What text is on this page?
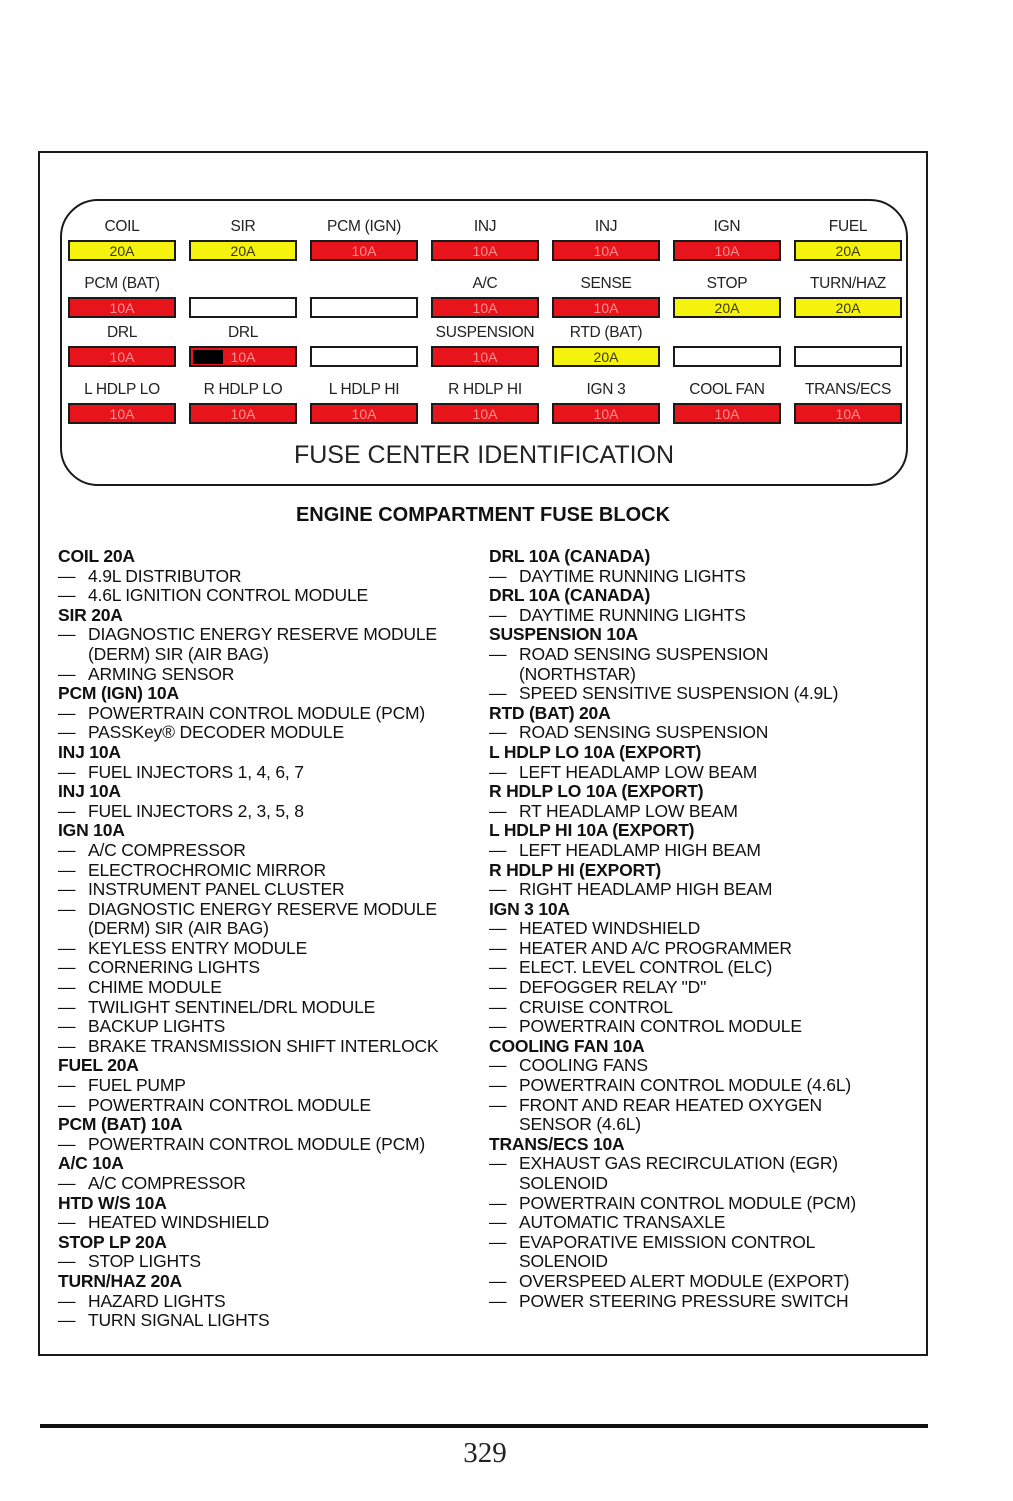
COIL
20A
SIR
20A
PCM (IGN)
10A
INJ
10A
INJ
10A
IGN
10A
FUEL
20A
PCM (BAT)
10A
A/C
10A
SENSE
10A
STOP
20A
TURN/HAZ
20A
DRL
10A
DRL
10A
SUSPENSION
10A
RTD (BAT)
20A
L HDLP LO
10A
R HDLP LO
10A
L HDLP HI
10A
R HDLP HI
10A
IGN 3
10A
COOL FAN
10A
TRANS/ECS
10A
FUSE CENTER IDENTIFICATION
ENGINE COMPARTMENT FUSE BLOCK
COIL 20A
— 4.9L DISTRIBUTOR
— 4.6L IGNITION CONTROL MODULE
SIR 20A
— DIAGNOSTIC ENERGY RESERVE MODULE
(DERM) SIR (AIR BAG)
— ARMING SENSOR
PCM (IGN) 10A
— POWERTRAIN CONTROL MODULE (PCM)
— PASSKey® DECODER MODULE
INJ 10A
— FUEL INJECTORS 1, 4, 6, 7
INJ 10A
— FUEL INJECTORS 2, 3, 5, 8
IGN 10A
— A/C COMPRESSOR
— ELECTROCHROMIC MIRROR
— INSTRUMENT PANEL CLUSTER
— DIAGNOSTIC ENERGY RESERVE MODULE
(DERM) SIR (AIR BAG)
— KEYLESS ENTRY MODULE
— CORNERING LIGHTS
— CHIME MODULE
— TWILIGHT SENTINEL/DRL MODULE
— BACKUP LIGHTS
— BRAKE TRANSMISSION SHIFT INTERLOCK
FUEL 20A
— FUEL PUMP
— POWERTRAIN CONTROL MODULE
PCM (BAT) 10A
— POWERTRAIN CONTROL MODULE (PCM)
A/C 10A
— A/C COMPRESSOR
HTD W/S 10A
— HEATED WINDSHIELD
STOP LP 20A
— STOP LIGHTS
TURN/HAZ 20A
— HAZARD LIGHTS
— TURN SIGNAL LIGHTS
DRL 10A (CANADA)
— DAYTIME RUNNING LIGHTS
DRL 10A (CANADA)
— DAYTIME RUNNING LIGHTS
SUSPENSION 10A
— ROAD SENSING SUSPENSION
(NORTHSTAR)
— SPEED SENSITIVE SUSPENSION (4.9L)
RTD (BAT) 20A
— ROAD SENSING SUSPENSION
L HDLP LO 10A (EXPORT)
— LEFT HEADLAMP LOW BEAM
R HDLP LO 10A (EXPORT)
— RT HEADLAMP LOW BEAM
L HDLP HI 10A (EXPORT)
— LEFT HEADLAMP HIGH BEAM
R HDLP HI (EXPORT)
— RIGHT HEADLAMP HIGH BEAM
IGN 3 10A
— HEATED WINDSHIELD
— HEATER AND A/C PROGRAMMER
— ELECT. LEVEL CONTROL (ELC)
— DEFOGGER RELAY "D"
— CRUISE CONTROL
— POWERTRAIN CONTROL MODULE
COOLING FAN 10A
— COOLING FANS
— POWERTRAIN CONTROL MODULE (4.6L)
— FRONT AND REAR HEATED OXYGEN
SENSOR (4.6L)
TRANS/ECS 10A
— EXHAUST GAS RECIRCULATION (EGR)
SOLENOID
— POWERTRAIN CONTROL MODULE (PCM)
— AUTOMATIC TRANSAXLE
— EVAPORATIVE EMISSION CONTROL
SOLENOID
— OVERSPEED ALERT MODULE (EXPORT)
— POWER STEERING PRESSURE SWITCH
329
